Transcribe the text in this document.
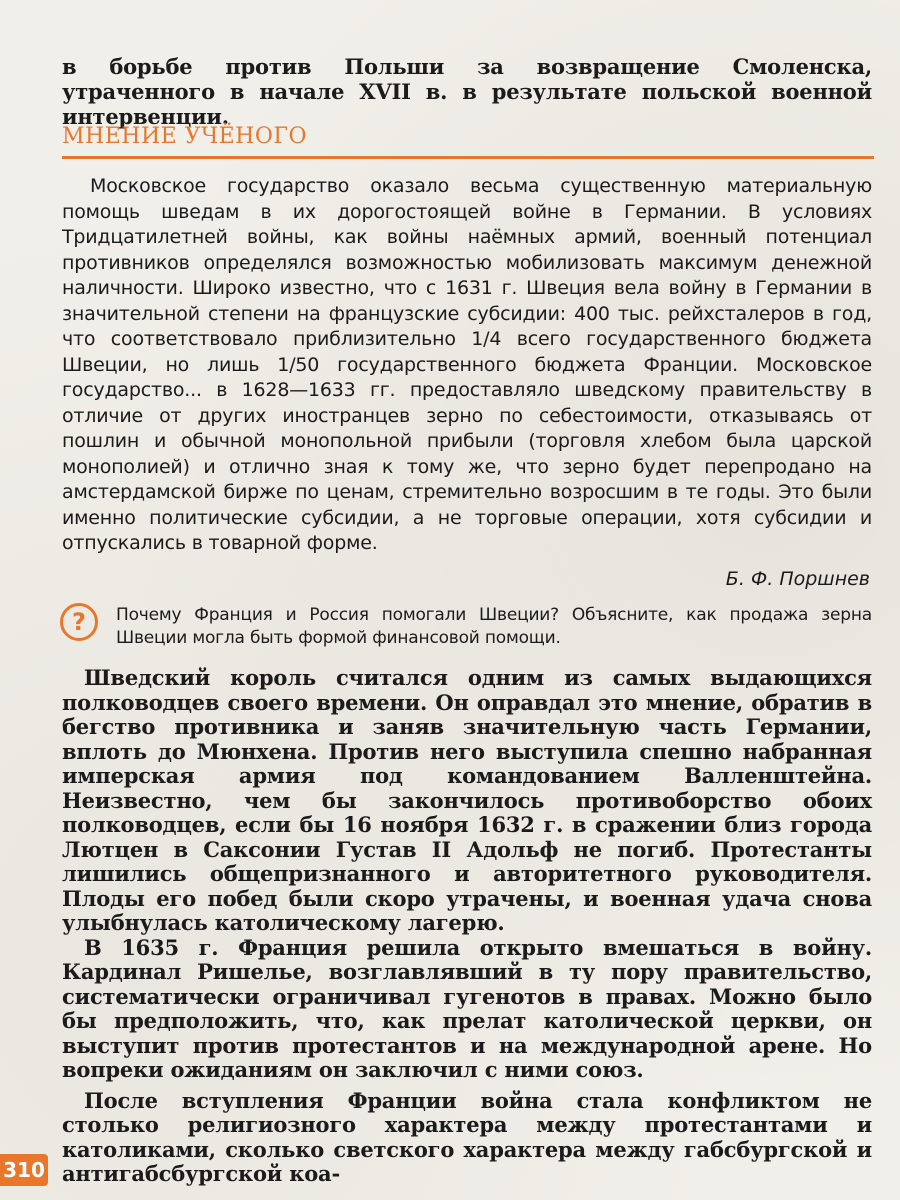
в борьбе против Польши за возвращение Смоленска, утраченного в начале XVII в. в результате польской военной интервенции.

МНЕНИЕ УЧЁНОГО

Московское государство оказало весьма существенную материальную помощь шведам в их дорогостоящей войне в Германии. В условиях Тридцатилетней войны, как войны наёмных армий, военный потенциал противников определялся возможностью мобилизовать максимум денежной наличности. Широко известно, что с 1631 г. Швеция вела войну в Германии в значительной степени на французские субсидии: 400 тыс. рейхсталеров в год, что соответствовало приблизительно 1/4 всего государственного бюджета Швеции, но лишь 1/50 государственного бюджета Франции. Московское государство... в 1628—1633 гг. предоставляло шведскому правительству в отличие от других иностранцев зерно по себестоимости, отказываясь от пошлин и обычной монопольной прибыли (торговля хлебом была царской монополией) и отлично зная к тому же, что зерно будет перепродано на амстердамской бирже по ценам, стремительно возросшим в те годы. Это были именно политические субсидии, а не торговые операции, хотя субсидии и отпускались в товарной форме.

Б. Ф. Поршнев
?	Почему Франция и Россия помогали Швеции? Объясните, как продажа зерна Швеции могла быть формой финансовой помощи.

Шведский король считался одним из самых выдающихся полководцев своего времени. Он оправдал это мнение, обратив в бегство противника и заняв значительную часть Германии, вплоть до Мюнхена. Против него выступила спешно набранная имперская армия под командованием Валленштейна. Неизвестно, чем бы закончилось противоборство обоих полководцев, если бы 16 ноября 1632 г. в сражении близ города Лютцен в Саксонии Густав II Адольф не погиб. Протестанты лишились общепризнанного и авторитетного руководителя. Плоды его побед были скоро утрачены, и военная удача снова улыбнулась католическому лагерю.

В 1635 г. Франция решила открыто вмешаться в войну. Кардинал Ришелье, возглавлявший в ту пору правительство, систематически ограничивал гугенотов в правах. Можно было бы предположить, что, как прелат католической церкви, он выступит против протестантов и на международной арене. Но вопреки ожиданиям он заключил с ними союз.

После вступления Франции война стала конфликтом не столько религиозного характера между протестантами и католиками, сколько светского характера между габсбургской и антигабсбургской коа-

310
